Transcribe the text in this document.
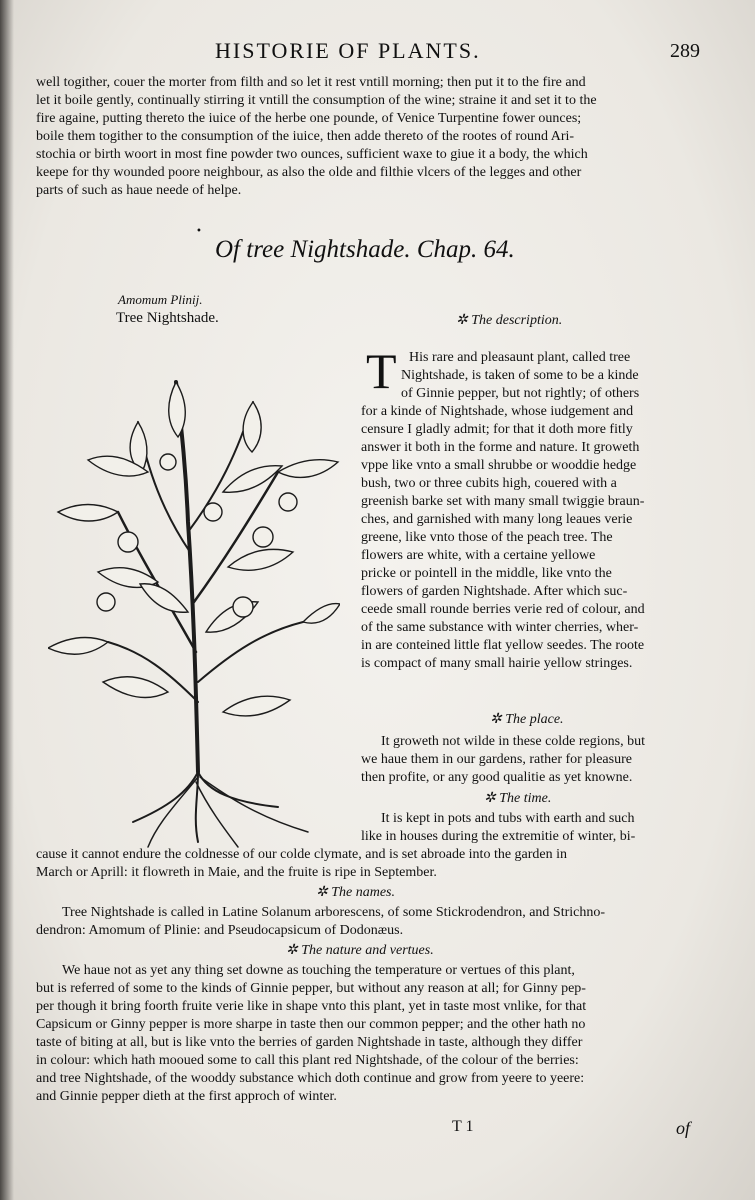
HISTORIE OF PLANTS.	289
well togither, couer the morter from filth and so let it rest vntill morning; then put it to the fire and
let it boile gently, continually stirring it vntill the consumption of the wine; straine it and set it to the
fire againe, putting thereto the iuice of the herbe one pounde, of Venice Turpentine fower ounces;
boile them togither to the consumption of the iuice, then adde thereto of the rootes of round Ari-
stochia or birth woort in most fine powder two ounces, sufficient waxe to giue it a body, the which
keepe for thy wounded poore neighbour, as also the olde and filthie vlcers of the legges and other
parts of such as haue neede of helpe.
•
Of tree Nightshade. Chap. 64.
Amomum Plinij.
Tree Nightshade.	✲ The description.
T His rare and pleasaunt plant, called tree
Nightshade, is taken of some to be a kinde
of Ginnie pepper, but not rightly; of others
for a kinde of Nightshade, whose iudgement and
censure I gladly admit; for that it doth more fitly
answer it both in the forme and nature. It groweth
vppe like vnto a small shrubbe or wooddie hedge
bush, two or three cubits high, couered with a
greenish barke set with many small twiggie braun-
ches, and garnished with many long leaues verie
greene, like vnto those of the peach tree. The
flowers are white, with a certaine yellowe
pricke or pointell in the middle, like vnto the
flowers of garden Nightshade. After which suc-
ceede small rounde berries verie red of colour, and
of the same substance with winter cherries, wher-
in are conteined little flat yellow seedes. The roote
is compact of many small hairie yellow stringes.
✲ The place.
It groweth not wilde in these colde regions, but
we haue them in our gardens, rather for pleasure
then profite, or any good qualitie as yet knowne.
✲ The time.
It is kept in pots and tubs with earth and such
like in houses during the extremitie of winter, bi-
cause it cannot endure the coldnesse of our colde clymate, and is set abroade into the garden in
March or Aprill: it flowreth in Maie, and the fruite is ripe in September.
✲ The names.
Tree Nightshade is called in Latine Solanum arborescens, of some Stickrodendron, and Strichno-
dendron: Amomum of Plinie: and Pseudocapsicum of Dodonæus.
✲ The nature and vertues.
We haue not as yet any thing set downe as touching the temperature or vertues of this plant,
but is referred of some to the kinds of Ginnie pepper, but without any reason at all; for Ginny pep-
per though it bring foorth fruite verie like in shape vnto this plant, yet in taste most vnlike, for that
Capsicum or Ginny pepper is more sharpe in taste then our common pepper; and the other hath no
taste of biting at all, but is like vnto the berries of garden Nightshade in taste, although they differ
in colour: which hath mooued some to call this plant red Nightshade, of the colour of the berries:
and tree Nightshade, of the wooddy substance which doth continue and grow from yeere to yeere:
and Ginnie pepper dieth at the first approch of winter.
T 1	of
